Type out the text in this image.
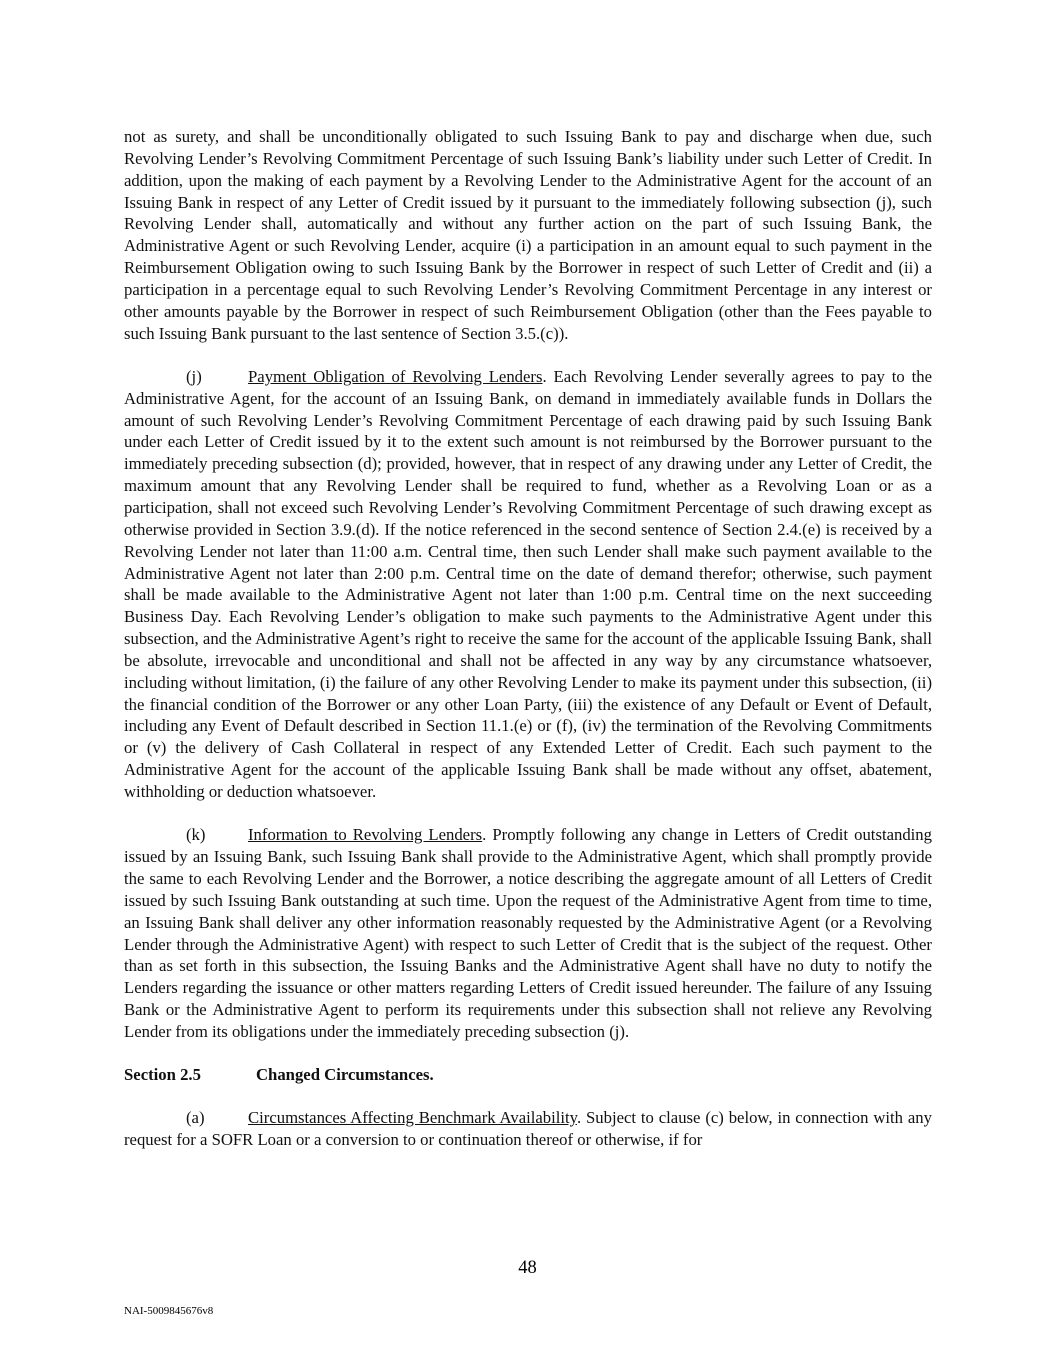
not as surety, and shall be unconditionally obligated to such Issuing Bank to pay and discharge when due, such Revolving Lender’s Revolving Commitment Percentage of such Issuing Bank’s liability under such Letter of Credit. In addition, upon the making of each payment by a Revolving Lender to the Administrative Agent for the account of an Issuing Bank in respect of any Letter of Credit issued by it pursuant to the immediately following subsection (j), such Revolving Lender shall, automatically and without any further action on the part of such Issuing Bank, the Administrative Agent or such Revolving Lender, acquire (i) a participation in an amount equal to such payment in the Reimbursement Obligation owing to such Issuing Bank by the Borrower in respect of such Letter of Credit and (ii) a participation in a percentage equal to such Revolving Lender’s Revolving Commitment Percentage in any interest or other amounts payable by the Borrower in respect of such Reimbursement Obligation (other than the Fees payable to such Issuing Bank pursuant to the last sentence of Section 3.5.(c)).

(j)	Payment Obligation of Revolving Lenders. Each Revolving Lender severally agrees to pay to the Administrative Agent, for the account of an Issuing Bank, on demand in immediately available funds in Dollars the amount of such Revolving Lender’s Revolving Commitment Percentage of each drawing paid by such Issuing Bank under each Letter of Credit issued by it to the extent such amount is not reimbursed by the Borrower pursuant to the immediately preceding subsection (d); provided, however, that in respect of any drawing under any Letter of Credit, the maximum amount that any Revolving Lender shall be required to fund, whether as a Revolving Loan or as a participation, shall not exceed such Revolving Lender’s Revolving Commitment Percentage of such drawing except as otherwise provided in Section 3.9.(d). If the notice referenced in the second sentence of Section 2.4.(e) is received by a Revolving Lender not later than 11:00 a.m. Central time, then such Lender shall make such payment available to the Administrative Agent not later than 2:00 p.m. Central time on the date of demand therefor; otherwise, such payment shall be made available to the Administrative Agent not later than 1:00 p.m. Central time on the next succeeding Business Day. Each Revolving Lender’s obligation to make such payments to the Administrative Agent under this subsection, and the Administrative Agent’s right to receive the same for the account of the applicable Issuing Bank, shall be absolute, irrevocable and unconditional and shall not be affected in any way by any circumstance whatsoever, including without limitation, (i) the failure of any other Revolving Lender to make its payment under this subsection, (ii) the financial condition of the Borrower or any other Loan Party, (iii) the existence of any Default or Event of Default, including any Event of Default described in Section 11.1.(e) or (f), (iv) the termination of the Revolving Commitments or (v) the delivery of Cash Collateral in respect of any Extended Letter of Credit. Each such payment to the Administrative Agent for the account of the applicable Issuing Bank shall be made without any offset, abatement, withholding or deduction whatsoever.

(k)	Information to Revolving Lenders. Promptly following any change in Letters of Credit outstanding issued by an Issuing Bank, such Issuing Bank shall provide to the Administrative Agent, which shall promptly provide the same to each Revolving Lender and the Borrower, a notice describing the aggregate amount of all Letters of Credit issued by such Issuing Bank outstanding at such time. Upon the request of the Administrative Agent from time to time, an Issuing Bank shall deliver any other information reasonably requested by the Administrative Agent (or a Revolving Lender through the Administrative Agent) with respect to such Letter of Credit that is the subject of the request. Other than as set forth in this subsection, the Issuing Banks and the Administrative Agent shall have no duty to notify the Lenders regarding the issuance or other matters regarding Letters of Credit issued hereunder. The failure of any Issuing Bank or the Administrative Agent to perform its requirements under this subsection shall not relieve any Revolving Lender from its obligations under the immediately preceding subsection (j).

Section 2.5	Changed Circumstances.

(a)	Circumstances Affecting Benchmark Availability. Subject to clause (c) below, in connection with any request for a SOFR Loan or a conversion to or continuation thereof or otherwise, if for

48
NAI-5009845676v8
